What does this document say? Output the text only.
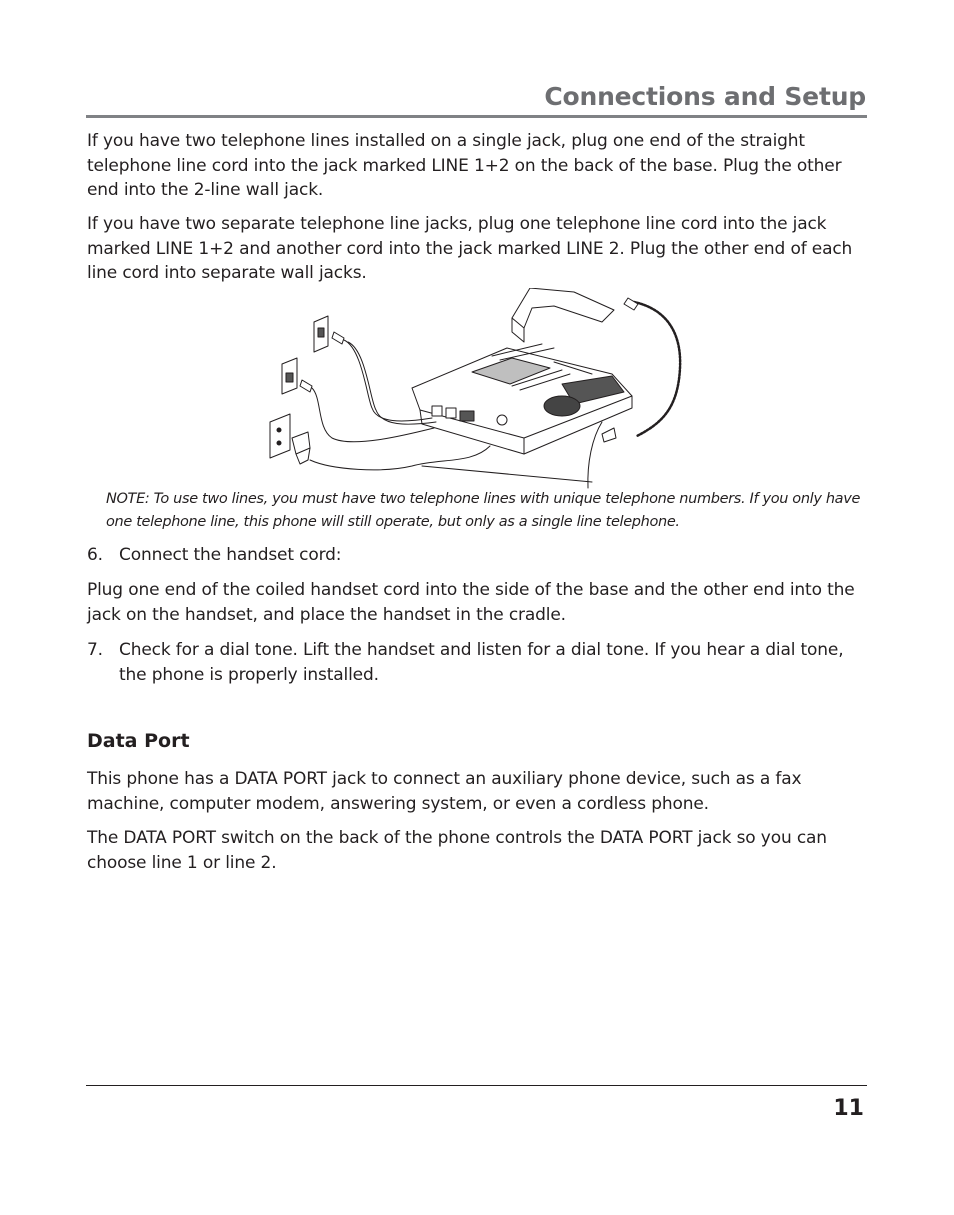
Connections and Setup

If you have two telephone lines installed on a single jack, plug one end of the straight telephone line cord into the jack marked LINE 1+2 on the back of the base. Plug the other end into the 2-line wall jack.

If you have two separate telephone line jacks, plug one telephone line cord into the jack marked LINE 1+2 and another cord into the jack marked LINE 2. Plug the other end of each line cord into separate wall jacks.

NOTE: To use two lines, you must have two telephone lines with unique telephone numbers. If you only have one telephone line, this phone will still operate, but only as a single line telephone.

6. Connect the handset cord:

Plug one end of the coiled handset cord into the side of the base and the other end into the jack on the handset, and place the handset in the cradle.

7. Check for a dial tone. Lift the handset and listen for a dial tone. If you hear a dial tone, the phone is properly installed.
Data Port

This phone has a DATA PORT jack to connect an auxiliary phone device, such as a fax machine, computer modem, answering system, or even a cordless phone.

The DATA PORT switch on the back of the phone controls the DATA PORT jack so you can choose line 1 or line 2.

11
